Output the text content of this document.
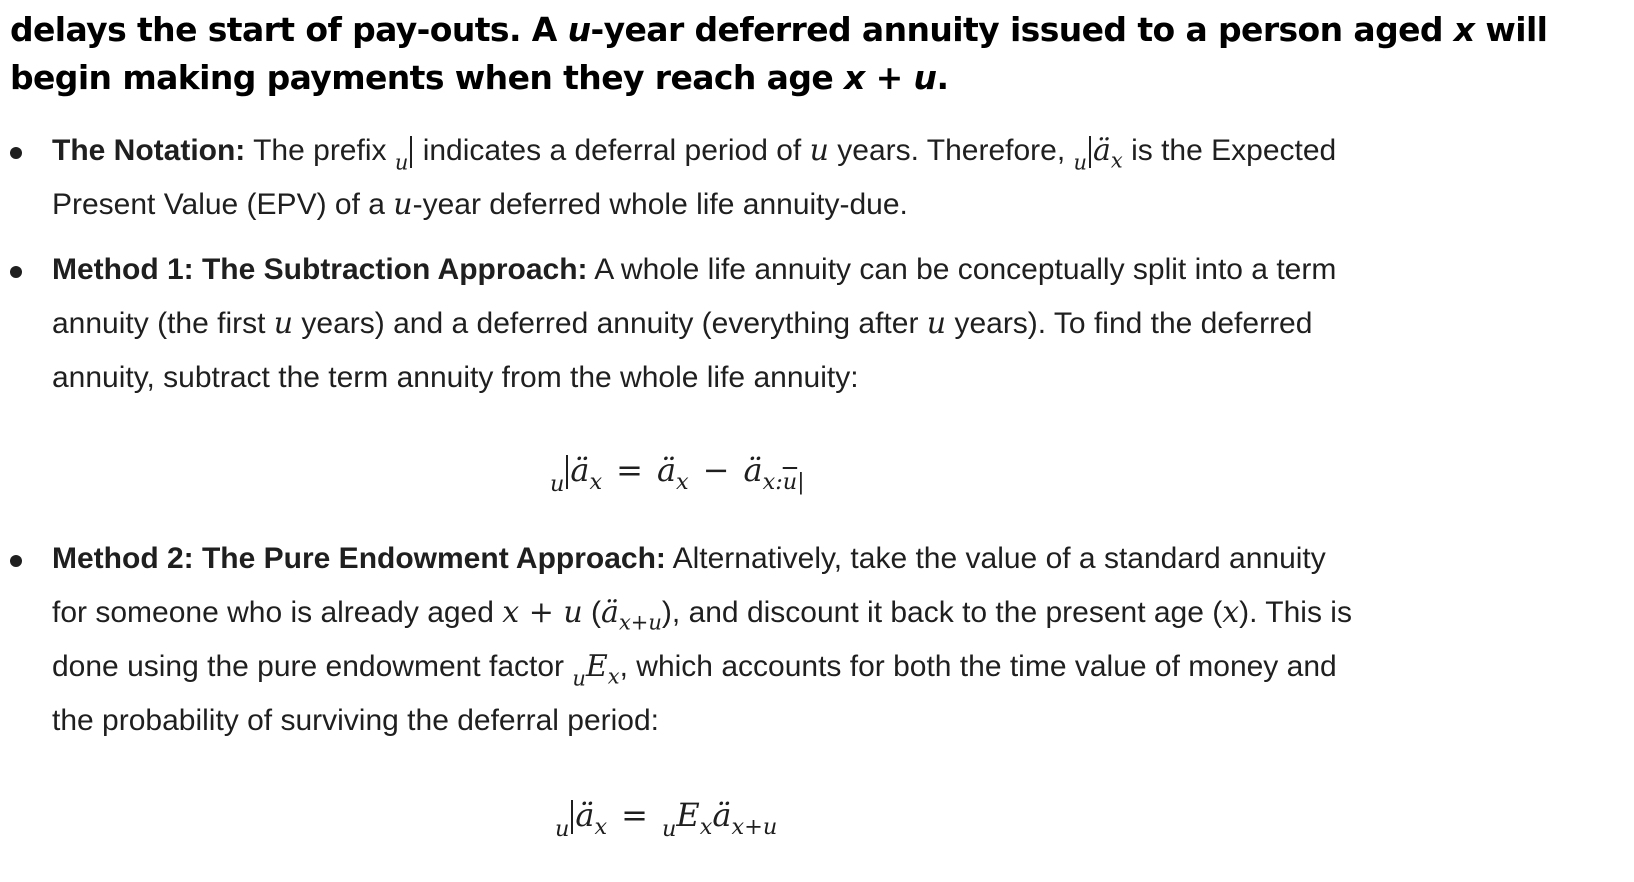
delays the start of pay-outs. A u-year deferred annuity issued to a person aged x will begin making payments when they reach age x + u.
The Notation: The prefix $_u$ indicates a deferral period of u years. Therefore, $_u$ $ä_x$ is the Expected Present Value (EPV) of a u-year deferred whole life annuity-due.
Method 1: The Subtraction Approach: A whole life annuity can be conceptually split into a term annuity (the first u years) and a deferred annuity (everything after u years). To find the deferred annuity, subtract the term annuity from the whole life annuity:
$_u$ $ä_x$ = $ä_x$ − $ä_{x:\overline{u}|}$
Method 2: The Pure Endowment Approach: Alternatively, take the value of a standard annuity for someone who is already aged x + u $(ä_{x+u})$, and discount it back to the present age (x). This is done using the pure endowment factor $_uE_x$, which accounts for both the time value of money and the probability of surviving the deferral period:
$_u$ $ä_x$ = $_uE_xä_{x+u}$
